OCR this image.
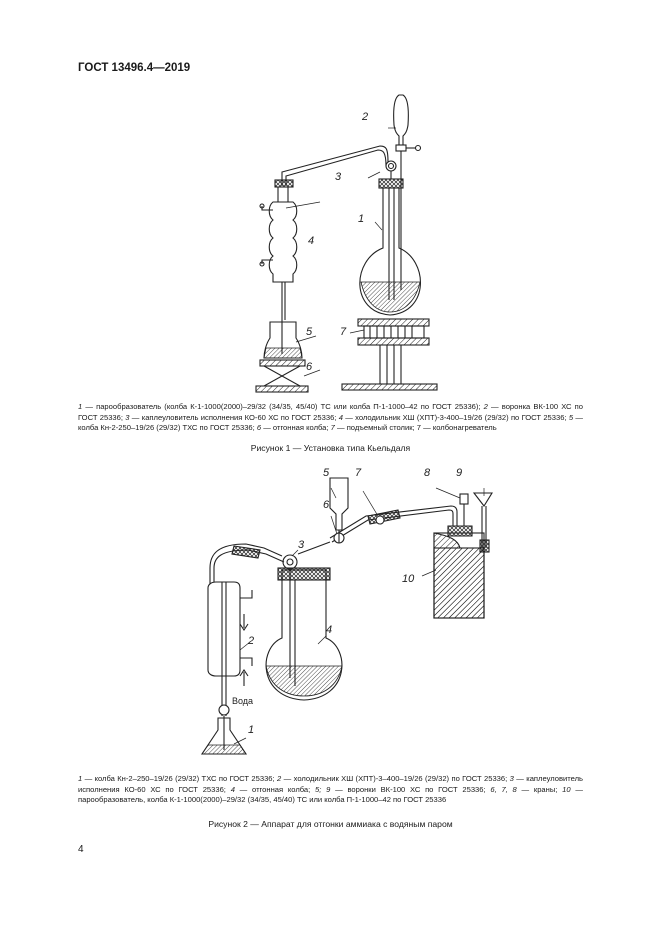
ГОСТ 13496.4—2019
1
2
3
4
5
6
7
1 — парообразователь (колба К-1-1000(2000)–29/32 (34/35, 45/40) ТС или колба П-1-1000–42 по ГОСТ 25336); 2 — воронка ВК-100 ХС по ГОСТ 25336; 3 — каплеуловитель исполнения КО-60 ХС по ГОСТ 25336; 4 — холодильник ХШ (ХПТ)-3-400–19/26 (29/32) по ГОСТ 25336; 5 — колба Кн-2-250–19/26 (29/32) ТХС по ГОСТ 25336; 6 — отгонная колба; 7 — подъемный столик; 7 — колбонагреватель
Рисунок 1 — Установка типа Кьельдаля
1
2
3
4
5
6
7	8 9
10
Вода
1 — колба Кн-2–250–19/26 (29/32) ТХС по ГОСТ 25336; 2 — холодильник ХШ (ХПТ)-3–400–19/26 (29/32) по ГОСТ 25336; 3 — каплеуловитель исполнения КО-60 ХС по ГОСТ 25336; 4 — отгонная колба; 5; 9 — воронки ВК-100 ХС по ГОСТ 25336; 6, 7, 8 — краны; 10 — парообразователь, колба К-1-1000(2000)–29/32 (34/35, 45/40) ТС или колба П-1-1000–42 по ГОСТ 25336
Рисунок 2 — Аппарат для отгонки аммиака с водяным паром
4
